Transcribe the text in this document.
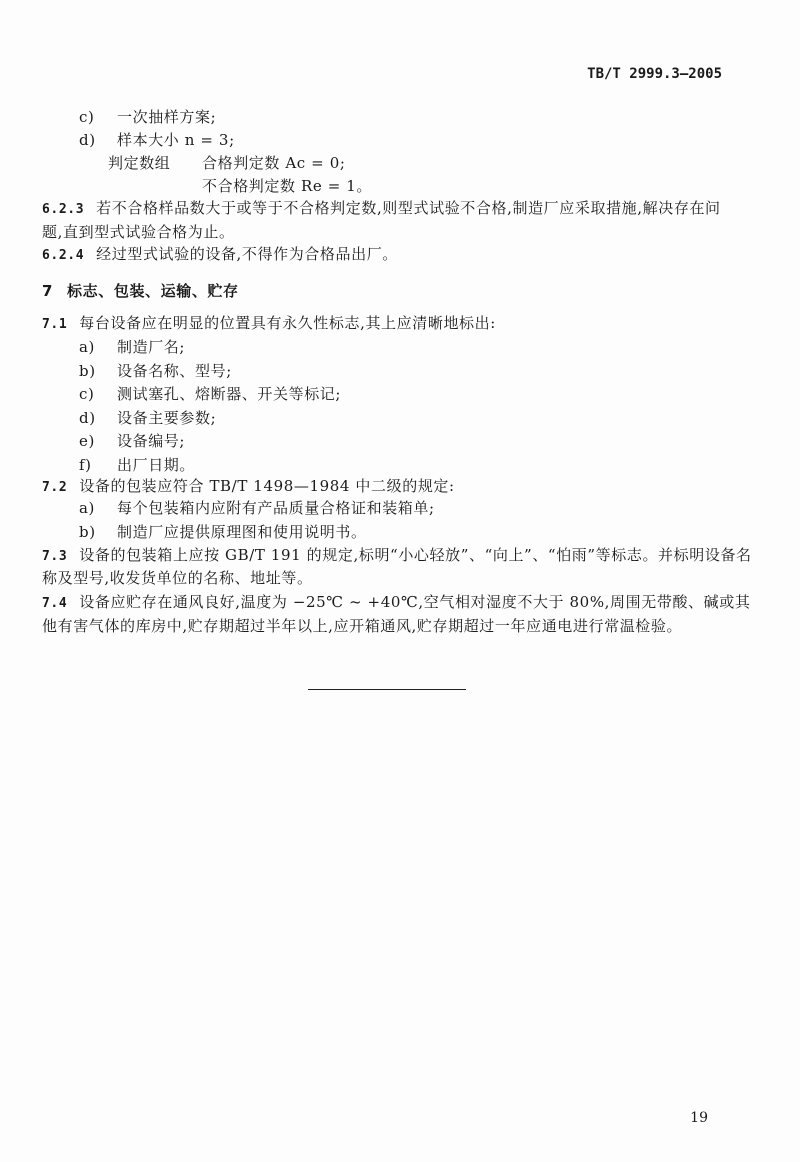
TB/T 2999.3—2005
c) 一次抽样方案;
d) 样本大小 n = 3;
判定数组 合格判定数 Ac = 0;
不合格判定数 Re = 1。
6.2.3 若不合格样品数大于或等于不合格判定数,则型式试验不合格,制造厂应采取措施,解决存在问
题,直到型式试验合格为止。
6.2.4 经过型式试验的设备,不得作为合格品出厂。
7 标志、包装、运输、贮存
7.1 每台设备应在明显的位置具有永久性标志,其上应清晰地标出:
a) 制造厂名;
b) 设备名称、型号;
c) 测试塞孔、熔断器、开关等标记;
d) 设备主要参数;
e) 设备编号;
f) 出厂日期。
7.2 设备的包装应符合 TB/T 1498—1984 中二级的规定:
a) 每个包装箱内应附有产品质量合格证和装箱单;
b) 制造厂应提供原理图和使用说明书。
7.3 设备的包装箱上应按 GB/T 191 的规定,标明“小心轻放”、“向上”、“怕雨”等标志。并标明设备名
称及型号,收发货单位的名称、地址等。
7.4 设备应贮存在通风良好,温度为 −25℃ ~ +40℃,空气相对湿度不大于 80%,周围无带酸、碱或其
他有害气体的库房中,贮存期超过半年以上,应开箱通风,贮存期超过一年应通电进行常温检验。
19
